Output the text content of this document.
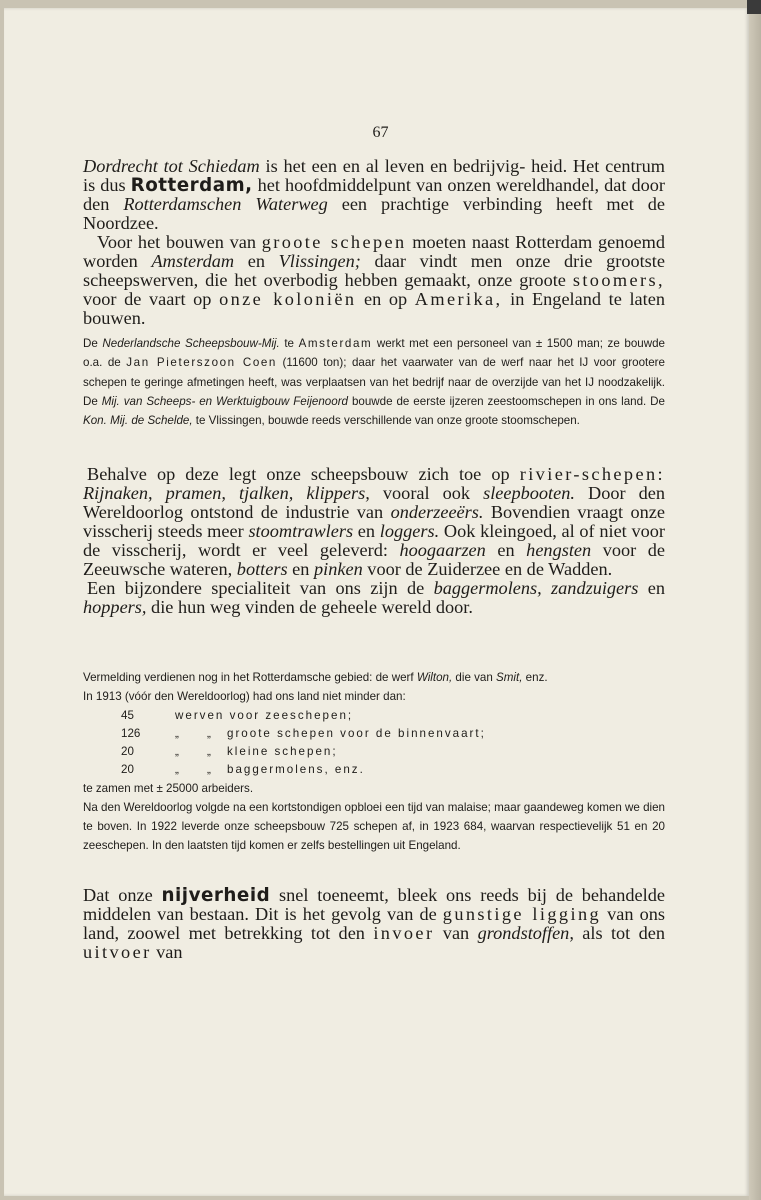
67

Dordrecht tot Schiedam is het een en al leven en bedrijvig- heid. Het centrum is dus Rotterdam, het hoofdmiddelpunt van onzen wereldhandel, dat door den Rotterdamschen Waterweg een prachtige verbinding heeft met de Noordzee.

Voor het bouwen van groote schepen moeten naast Rotterdam genoemd worden Amsterdam en Vlissingen; daar vindt men onze drie grootste scheepswerven, die het overbodig hebben gemaakt, onze groote stoomers, voor de vaart op onze koloniën en op Amerika, in Engeland te laten bouwen.

De Nederlandsche Scheepsbouw-Mij. te Amsterdam werkt met een personeel van ± 1500 man; ze bouwde o.a. de Jan Pieterszoon Coen (11600 ton); daar het vaarwater van de werf naar het IJ voor grootere schepen te geringe afmetingen heeft, was verplaatsen van het bedrijf naar de overzijde van het IJ noodzakelijk. De Mij. van Scheeps- en Werktuigbouw Feijenoord bouwde de eerste ijzeren zeestoomschepen in ons land. De Kon. Mij. de Schelde, te Vlissingen, bouwde reeds verschillende van onze groote stoomschepen.

Behalve op deze legt onze scheepsbouw zich toe op rivier-schepen: Rijnaken, pramen, tjalken, klippers, vooral ook sleepbooten. Door den Wereldoorlog ontstond de industrie van onderzeeërs. Bovendien vraagt onze visscherij steeds meer stoomtrawlers en loggers. Ook kleingoed, al of niet voor de visscherij, wordt er veel geleverd: hoogaarzen en hengsten voor de Zeeuwsche wateren, botters en pinken voor de Zuiderzee en de Wadden.

Een bijzondere specialiteit van ons zijn de baggermolens, zandzuigers en hoppers, die hun weg vinden de geheele wereld door.

Vermelding verdienen nog in het Rotterdamsche gebied: de werf Wilton, die van Smit, enz.

In 1913 (vóór den Wereldoorlog) had ons land niet minder dan:

45	werven voor zeeschepen;
126	„	„	groote schepen voor de binnenvaart;
20	„	„	kleine schepen;
20	„	„	baggermolens, enz.

te zamen met ± 25000 arbeiders.

Na den Wereldoorlog volgde na een kortstondigen opbloei een tijd van malaise; maar gaandeweg komen we dien te boven. In 1922 leverde onze scheepsbouw 725 schepen af, in 1923 684, waarvan respectievelijk 51 en 20 zeeschepen. In den laatsten tijd komen er zelfs bestellingen uit Engeland.

Dat onze nijverheid snel toeneemt, bleek ons reeds bij de behandelde middelen van bestaan. Dit is het gevolg van de gunstige ligging van ons land, zoowel met betrekking tot den invoer van grondstoffen, als tot den uitvoer van
